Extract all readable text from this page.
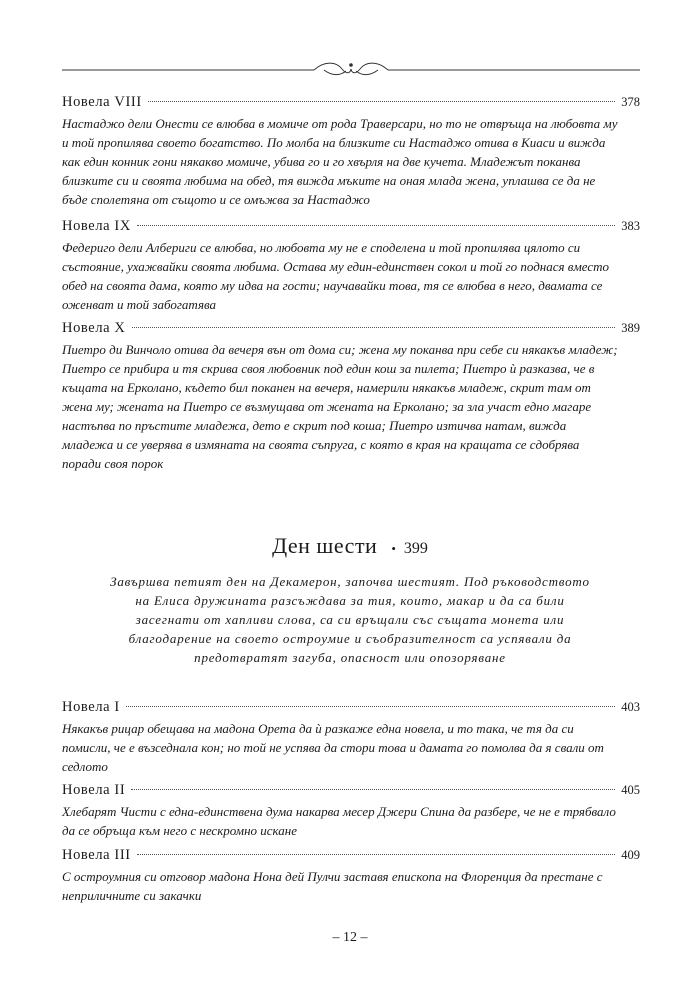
Новела VIII	378
Настаджо дели Онести се влюбва в момиче от рода Траверсари, но то не отвръща на любовта му и той пропилява своето богатство. По молба на близките си Настаджо отива в Киаси и вижда как един конник гони някакво момиче, убива го и го хвърля на две кучета. Младежът поканва близките си и своята любима на обед, тя вижда мъките на оная млада жена, уплашва се да не бъде сполетяна от същото и се омъжва за Настаджо
Новела IX	383
Федериго дели Албериги се влюбва, но любовта му не е споделена и той пропилява цялото си състояние, ухажвайки своята любима. Остава му един-единствен сокол и той го поднася вместо обед на своята дама, която му идва на гости; научавайки това, тя се влюбва в него, двамата се оженват и той забогатява
Новела X	389
Пиетро ди Винчоло отива да вечеря вън от дома си; жена му поканва при себе си някакъв младеж; Пиетро се прибира и тя скрива своя любовник под един кош за пилета; Пиетро ѝ разказва, че в къщата на Ерколано, където бил поканен на вечеря, намерили някакъв младеж, скрит там от жена му; жената на Пиетро се възмущава от жената на Ерколано; за зла участ едно магаре настъпва по пръстите младежа, дето е скрит под коша; Пиетро изтичва натам, вижда младежа и се уверява в измяната на своята съпруга, с която в края на кращата се сдобрява поради своя порок
Ден шести • 399
Завършва петият ден на Декамерон, започва шестият. Под ръководството на Елиса дружината разсъждава за тия, които, макар и да са били засегнати от хапливи слова, са си връщали със същата монета или благодарение на своето остроумие и съобразителност са успявали да предотвратят загуба, опасност или опозоряване
Новела I	403
Някакъв рицар обещава на мадона Орета да ѝ разкаже една новела, и то така, че тя да си помисли, че е възседнала кон; но той не успява да стори това и дамата го помолва да я свали от седлото
Новела II	405
Хлебарят Чисти с една-единствена дума накарва месер Джери Спина да разбере, че не е трябвало да се обръща към него с нескромно искане
Новела III	409
С остроумния си отговор мадона Нона дей Пулчи заставя епископа на Флоренция да престане с неприличните си закачки
– 12 –
